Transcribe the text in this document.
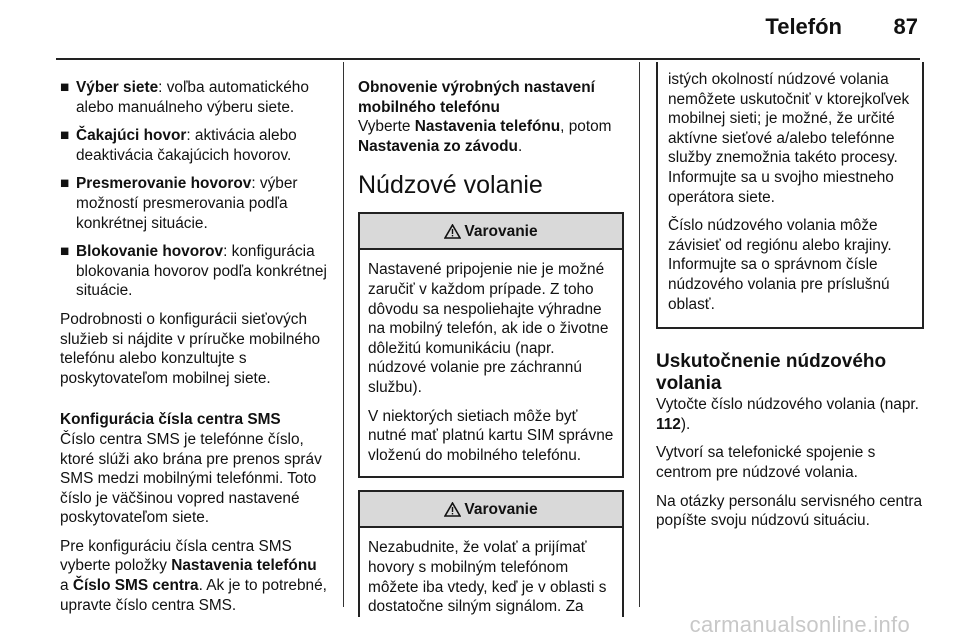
Telefón 87
■ Výber siete: voľba automatického alebo manuálneho výberu siete.
■ Čakajúci hovor: aktivácia alebo deaktivácia čakajúcich hovorov.
■ Presmerovanie hovorov: výber možností presmerovania podľa konkrétnej situácie.
■ Blokovanie hovorov: konfigurácia blokovania hovorov podľa konkrétnej situácie.

Podrobnosti o konfigurácii sieťových služieb si nájdite v príručke mobilného telefónu alebo konzultujte s poskytovateľom mobilnej siete.

Konfigurácia čísla centra SMS

Číslo centra SMS je telefónne číslo, ktoré slúži ako brána pre prenos správ SMS medzi mobilnými telefónmi. Toto číslo je väčšinou vopred nastavené poskytovateľom siete.

Pre konfiguráciu čísla centra SMS vyberte položky Nastavenia telefónu a Číslo SMS centra. Ak je to potrebné, upravte číslo centra SMS.

Obnovenie výrobných nastavení mobilného telefónu

Vyberte Nastavenia telefónu, potom Nastavenia zo závodu.

Núdzové volanie
Varovanie

Nastavené pripojenie nie je možné zaručiť v každom prípade. Z toho dôvodu sa nespoliehajte výhradne na mobilný telefón, ak ide o životne dôležitú komunikáciu (napr. núdzové volanie pre záchrannú službu).

V niektorých sietiach môže byť nutné mať platnú kartu SIM správne vloženú do mobilného telefónu.

Varovanie

Nezabudnite, že volať a prijímať hovory s mobilným telefónom môžete iba vtedy, keď je v oblasti s dostatočne silným signálom. Za

istých okolností núdzové volania nemôžete uskutočniť v ktorejkoľvek mobilnej sieti; je možné, že určité aktívne sieťové a/alebo telefónne služby znemožnia takéto procesy. Informujte sa u svojho miestneho operátora siete.

Číslo núdzového volania môže závisieť od regiónu alebo krajiny. Informujte sa o správnom čísle núdzového volania pre príslušnú oblasť.

Uskutočnenie núdzového volania

Vytočte číslo núdzového volania (napr. 112).

Vytvorí sa telefonické spojenie s centrom pre núdzové volania.

Na otázky personálu servisného centra popíšte svoju núdzovú situáciu.

carmanualsonline.info
